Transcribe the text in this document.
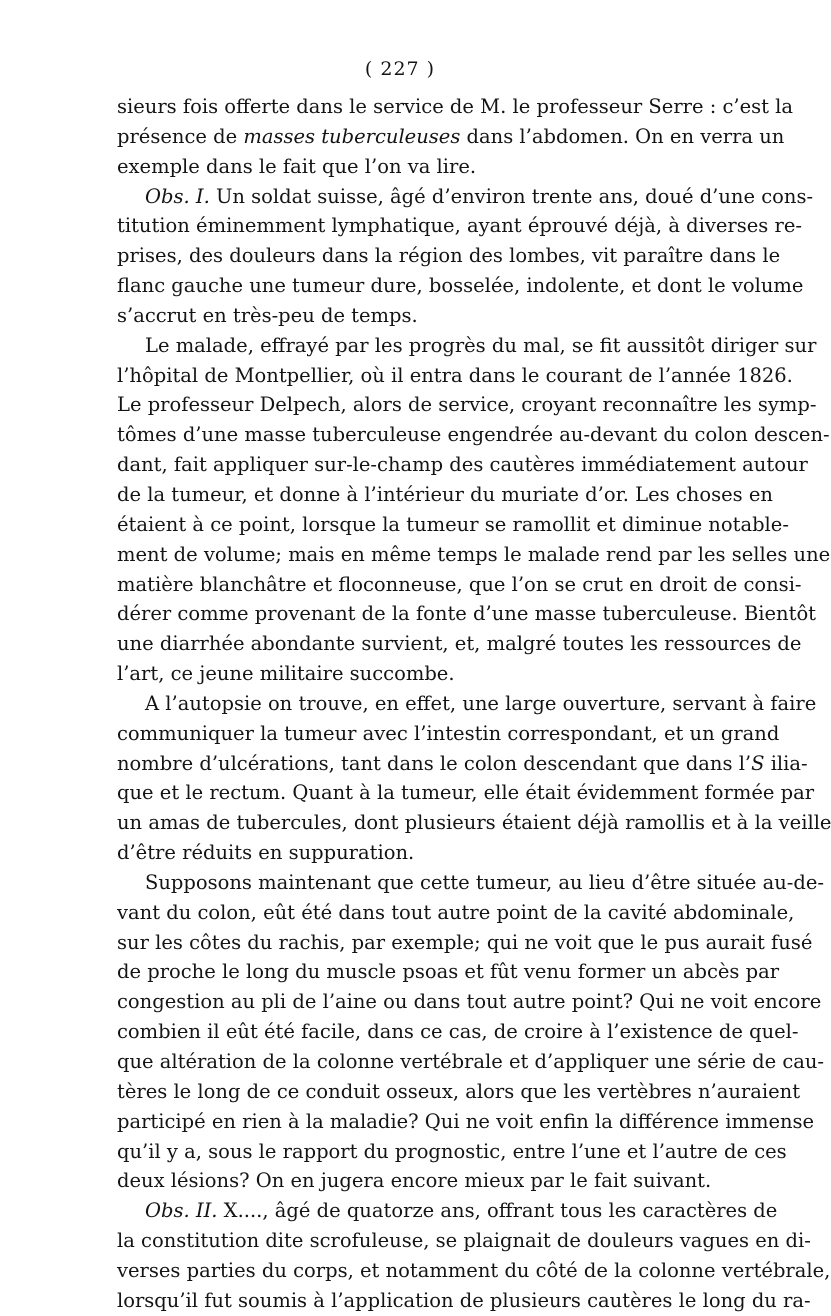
( 227 )
sieurs fois offerte dans le service de M. le professeur Serre : c’est la
présence de masses tuberculeuses dans l’abdomen. On en verra un
exemple dans le fait que l’on va lire.
Obs. I. Un soldat suisse, âgé d’environ trente ans, doué d’une cons-
titution éminemment lymphatique, ayant éprouvé déjà, à diverses re-
prises, des douleurs dans la région des lombes, vit paraître dans le
flanc gauche une tumeur dure, bosselée, indolente, et dont le volume
s’accrut en très-peu de temps.
Le malade, effrayé par les progrès du mal, se fit aussitôt diriger sur
l’hôpital de Montpellier, où il entra dans le courant de l’année 1826.
Le professeur Delpech, alors de service, croyant reconnaître les symp-
tômes d’une masse tuberculeuse engendrée au-devant du colon descen-
dant, fait appliquer sur-le-champ des cautères immédiatement autour
de la tumeur, et donne à l’intérieur du muriate d’or. Les choses en
étaient à ce point, lorsque la tumeur se ramollit et diminue notable-
ment de volume; mais en même temps le malade rend par les selles une
matière blanchâtre et floconneuse, que l’on se crut en droit de consi-
dérer comme provenant de la fonte d’une masse tuberculeuse. Bientôt
une diarrhée abondante survient, et, malgré toutes les ressources de
l’art, ce jeune militaire succombe.
A l’autopsie on trouve, en effet, une large ouverture, servant à faire
communiquer la tumeur avec l’intestin correspondant, et un grand
nombre d’ulcérations, tant dans le colon descendant que dans l’S ilia-
que et le rectum. Quant à la tumeur, elle était évidemment formée par
un amas de tubercules, dont plusieurs étaient déjà ramollis et à la veille
d’être réduits en suppuration.
Supposons maintenant que cette tumeur, au lieu d’être située au-de-
vant du colon, eût été dans tout autre point de la cavité abdominale,
sur les côtes du rachis, par exemple; qui ne voit que le pus aurait fusé
de proche le long du muscle psoas et fût venu former un abcès par
congestion au pli de l’aine ou dans tout autre point? Qui ne voit encore
combien il eût été facile, dans ce cas, de croire à l’existence de quel-
que altération de la colonne vertébrale et d’appliquer une série de cau-
tères le long de ce conduit osseux, alors que les vertèbres n’auraient
participé en rien à la maladie? Qui ne voit enfin la différence immense
qu’il y a, sous le rapport du prognostic, entre l’une et l’autre de ces
deux lésions? On en jugera encore mieux par le fait suivant.
Obs. II. X...., âgé de quatorze ans, offrant tous les caractères de
la constitution dite scrofuleuse, se plaignait de douleurs vagues en di-
verses parties du corps, et notamment du côté de la colonne vertébrale,
lorsqu’il fut soumis à l’application de plusieurs cautères le long du ra-
